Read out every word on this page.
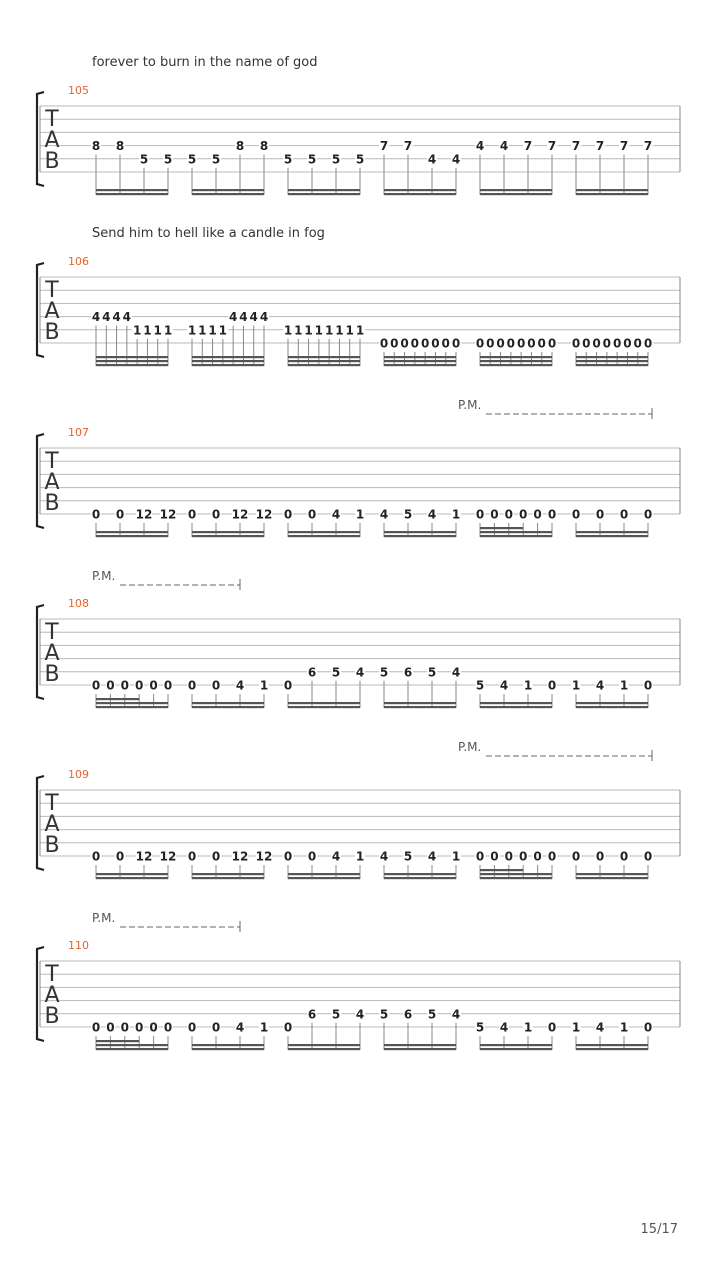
T
A
B
105
8 8
5 5 5 5
8 8
5 5 5 5
7 7
4 4
4 4 7 7 7 7 7 7
T
A
B
106
4 4 4 4
1 1 1 1 1 1 1 1
4 4 4 4
1 1 1 1 1 1 1 1
0 0 0 0 0 0 0 0 0 0 0 0 0 0 0 0 0 0 0 0 0 0 0 0
T
A
B
107
0 0 12 12 0 0 12 12 0 0 4 1 4 5 4 1 0 0 0 0 0 0 0 0 0 0
T
A
B
108
0 0 0 0 0 0 0 0 4 1 0
6 5 4 5 6 5 4
5 4 1 0 1 4 1 0
T
A
B
109
0 0 12 12 0 0 12 12 0 0 4 1 4 5 4 1 0 0 0 0 0 0 0 0 0 0
T
A
B
110
0 0 0 0 0 0 0 0 4 1 0
6 5 4 5 6 5 4
5 4 1 0 1 4 1 0
15/17
forever to burn in the name of god
Send him to hell like a candle in fog
P.M.
P.M.
P.M.
P.M.
